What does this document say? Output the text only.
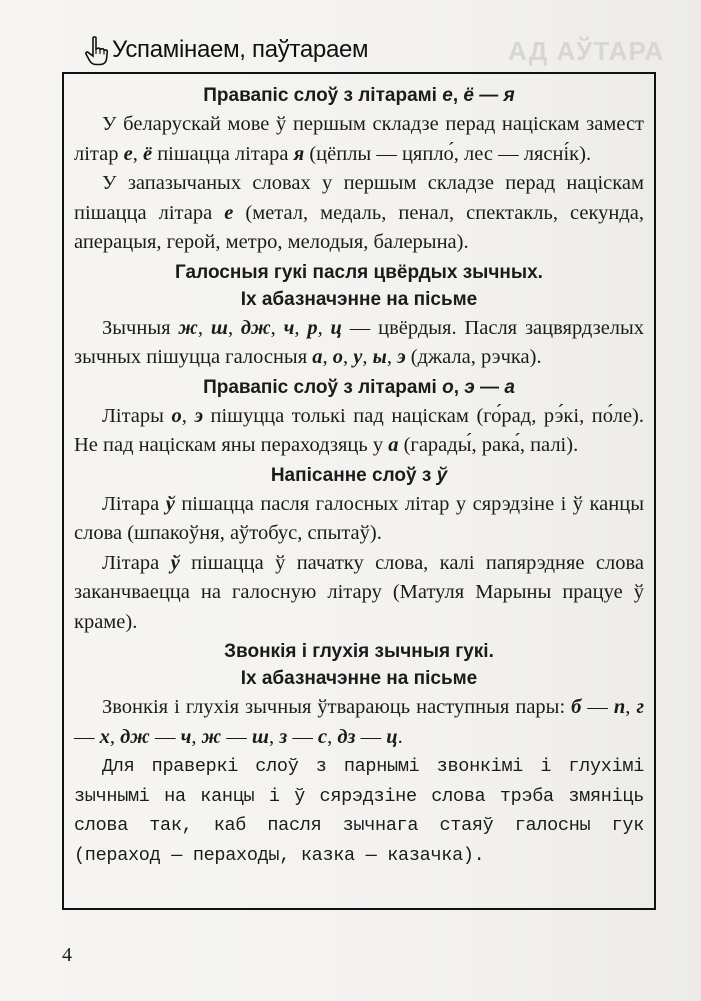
Успамінаем, паўтараем	АД АЎТАРА
Правапіс слоў з літарамі е, ё — я

У беларускай мове ў першым складзе перад націскам замест літар е, ё пішацца літара я (цёплы — цяпло́, лес — лясні́к).

У запазычаных словах у першым складзе перад націскам пішацца літара е (метал, медаль, пенал, спектакль, секунда, аперацыя, герой, метро, мелодыя, балерына).

Галосныя гукі пасля цвёрдых зычных.
Іх абазначэнне на пісьме

Зычныя ж, ш, дж, ч, р, ц — цвёрдыя. Пасля зацвярдзелых зычных пішуцца галосныя а, о, у, ы, э (джала, рэчка).

Правапіс слоў з літарамі о, э — а

Літары о, э пішуцца толькі пад націскам (го́рад, рэ́кі, по́ле). Не пад націскам яны пераходзяць у а (гарады́, рака́, палі).

Напісанне слоў з ў

Літара ў пішацца пасля галосных літар у сярэдзіне і ў канцы слова (шпакоўня, аўтобус, спытаў).

Літара ў пішацца ў пачатку слова, калі папярэдняе слова заканчваецца на галосную літару (Матуля Марыны працуе ў краме).

Звонкія і глухія зычныя гукі.
Іх абазначэнне на пісьме

Звонкія і глухія зычныя ўтвараюць наступныя пары: б — п, г — х, дж — ч, ж — ш, з — с, дз — ц.

Для праверкі слоў з парнымі звонкімі і глухімі зычнымі на канцы і ў сярэдзіне слова трэба змяніць слова так, каб пасля зычнага стаяў галосны гук (пераход — пераходы, казка — казачка).

4
